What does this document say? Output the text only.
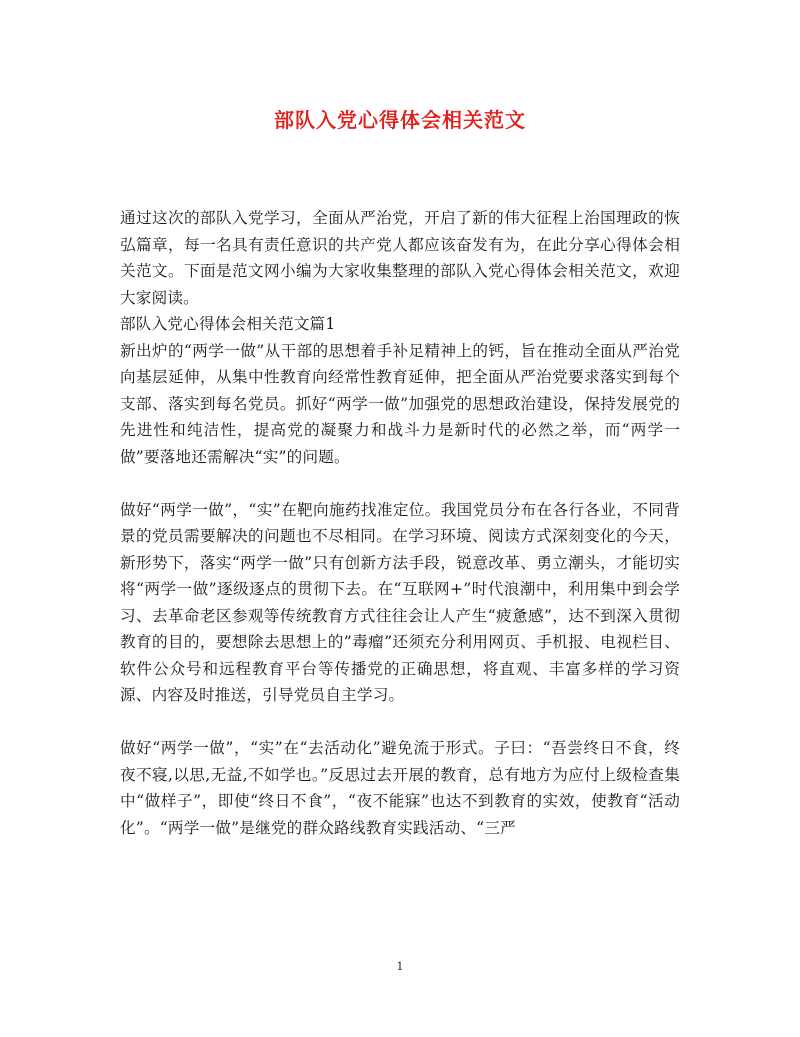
部队入党心得体会相关范文

通过这次的部队入党学习，全面从严治党，开启了新的伟大征程上治国理政的恢弘篇章，每一名具有责任意识的共产党人都应该奋发有为，在此分享心得体会相关范文。下面是范文网小编为大家收集整理的部队入党心得体会相关范文，欢迎大家阅读。

部队入党心得体会相关范文篇1

新出炉的“两学一做”从干部的思想着手补足精神上的钙，旨在推动全面从严治党向基层延伸，从集中性教育向经常性教育延伸，把全面从严治党要求落实到每个支部、落实到每名党员。抓好“两学一做”加强党的思想政治建设，保持发展党的先进性和纯洁性，提高党的凝聚力和战斗力是新时代的必然之举，而“两学一做”要落地还需解决“实”的问题。

做好“两学一做”，“实”在靶向施药找准定位。我国党员分布在各行各业，不同背景的党员需要解决的问题也不尽相同。在学习环境、阅读方式深刻变化的今天，新形势下，落实“两学一做”只有创新方法手段，锐意改革、勇立潮头，才能切实将“两学一做”逐级逐点的贯彻下去。在“互联网+”时代浪潮中，利用集中到会学习、去革命老区参观等传统教育方式往往会让人产生“疲惫感”，达不到深入贯彻教育的目的，要想除去思想上的”毒瘤”还须充分利用网页、手机报、电视栏目、软件公众号和远程教育平台等传播党的正确思想，将直观、丰富多样的学习资源、内容及时推送，引导党员自主学习。

做好“两学一做”，“实”在“去活动化”避免流于形式。子曰：“吾尝终日不食，终夜不寝,以思,无益,不如学也。”反思过去开展的教育，总有地方为应付上级检查集中“做样子”，即使“终日不食”，“夜不能寐”也达不到教育的实效，使教育“活动化”。“两学一做”是继党的群众路线教育实践活动、“三严

1
